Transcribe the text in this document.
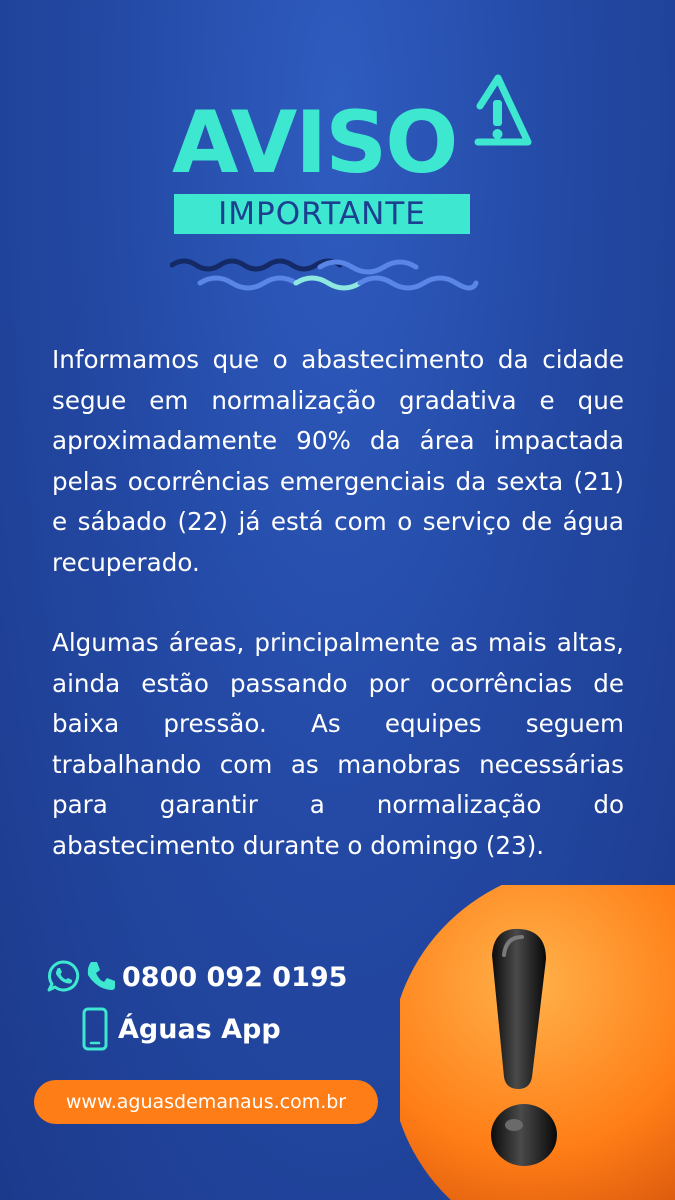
AVISO
IMPORTANTE

Informamos que o abastecimento da cidade segue em normalização gradativa e que aproximadamente 90% da área impactada pelas ocorrências emergenciais da sexta (21) e sábado (22) já está com o serviço de água recuperado.

Algumas áreas, principalmente as mais altas, ainda estão passando por ocorrências de baixa pressão. As equipes seguem trabalhando com as manobras necessárias para garantir a normalização do abastecimento durante o domingo (23).

0800 092 0195
Águas App
www.aguasdemanaus.com.br
